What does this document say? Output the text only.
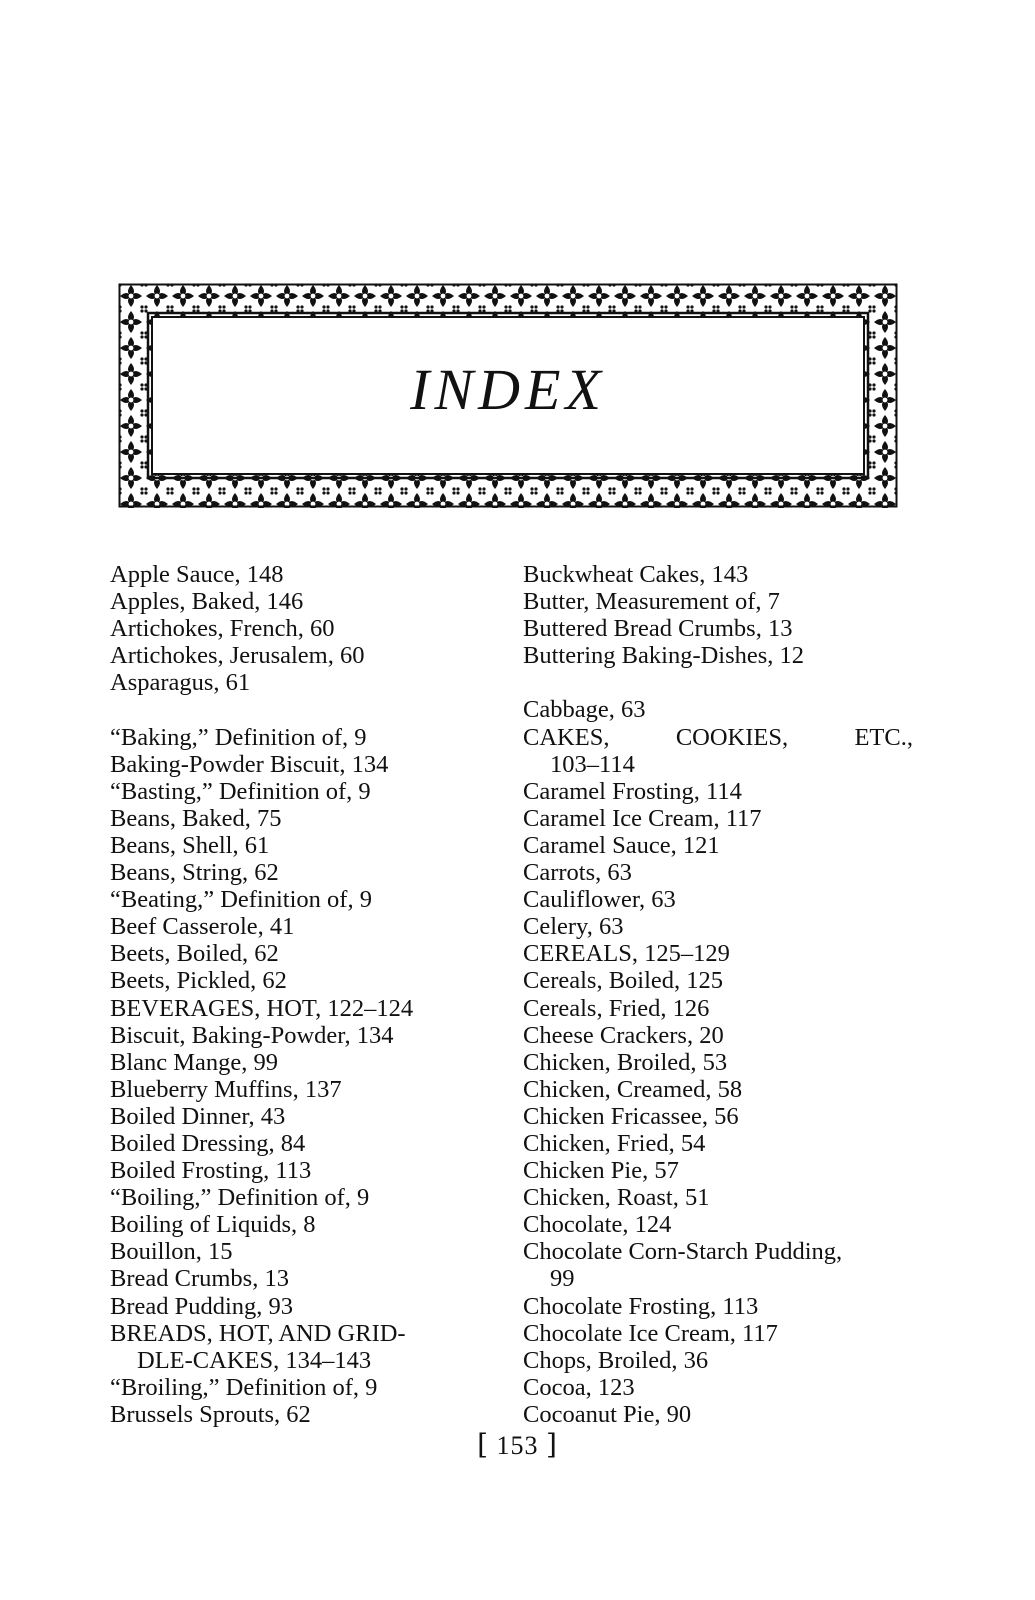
INDEX

Apple Sauce, 148

Apples, Baked, 146

Artichokes, French, 60

Artichokes, Jerusalem, 60

Asparagus, 61

“Baking,” Definition of, 9

Baking-Powder Biscuit, 134

“Basting,” Definition of, 9

Beans, Baked, 75

Beans, Shell, 61

Beans, String, 62

“Beating,” Definition of, 9

Beef Casserole, 41

Beets, Boiled, 62

Beets, Pickled, 62

BEVERAGES, HOT, 122–124

Biscuit, Baking-Powder, 134

Blanc Mange, 99

Blueberry Muffins, 137

Boiled Dinner, 43

Boiled Dressing, 84

Boiled Frosting, 113

“Boiling,” Definition of, 9

Boiling of Liquids, 8

Bouillon, 15

Bread Crumbs, 13

Bread Pudding, 93

BREADS, HOT, AND GRID-

DLE-CAKES, 134–143

“Broiling,” Definition of, 9

Brussels Sprouts, 62

Buckwheat Cakes, 143

Butter, Measurement of, 7

Buttered Bread Crumbs, 13

Buttering Baking-Dishes, 12

Cabbage, 63

CAKES,	COOKIES,	ETC.,

103–114

Caramel Frosting, 114

Caramel Ice Cream, 117

Caramel Sauce, 121

Carrots, 63

Cauliflower, 63

Celery, 63

CEREALS, 125–129

Cereals, Boiled, 125

Cereals, Fried, 126

Cheese Crackers, 20

Chicken, Broiled, 53

Chicken, Creamed, 58

Chicken Fricassee, 56

Chicken, Fried, 54

Chicken Pie, 57

Chicken, Roast, 51

Chocolate, 124

Chocolate Corn-Starch Pudding,

99

Chocolate Frosting, 113

Chocolate Ice Cream, 117

Chops, Broiled, 36

Cocoa, 123

Cocoanut Pie, 90

[ 153 ]
